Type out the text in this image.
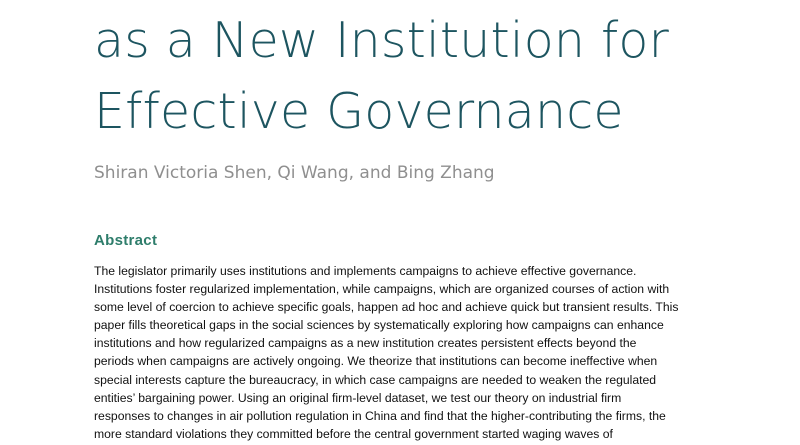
as a New Institution for
Effective Governance

Shiran Victoria Shen, Qi Wang, and Bing Zhang

Abstract
The legislator primarily uses institutions and implements campaigns to achieve effective governance.
Institutions foster regularized implementation, while campaigns, which are organized courses of action with
some level of coercion to achieve specific goals, happen ad hoc and achieve quick but transient results. This
paper fills theoretical gaps in the social sciences by systematically exploring how campaigns can enhance
institutions and how regularized campaigns as a new institution creates persistent effects beyond the
periods when campaigns are actively ongoing. We theorize that institutions can become ineffective when
special interests capture the bureaucracy, in which case campaigns are needed to weaken the regulated
entities’ bargaining power. Using an original firm-level dataset, we test our theory on industrial firm
responses to changes in air pollution regulation in China and find that the higher-contributing the firms, the
more standard violations they committed before the central government started waging waves of
